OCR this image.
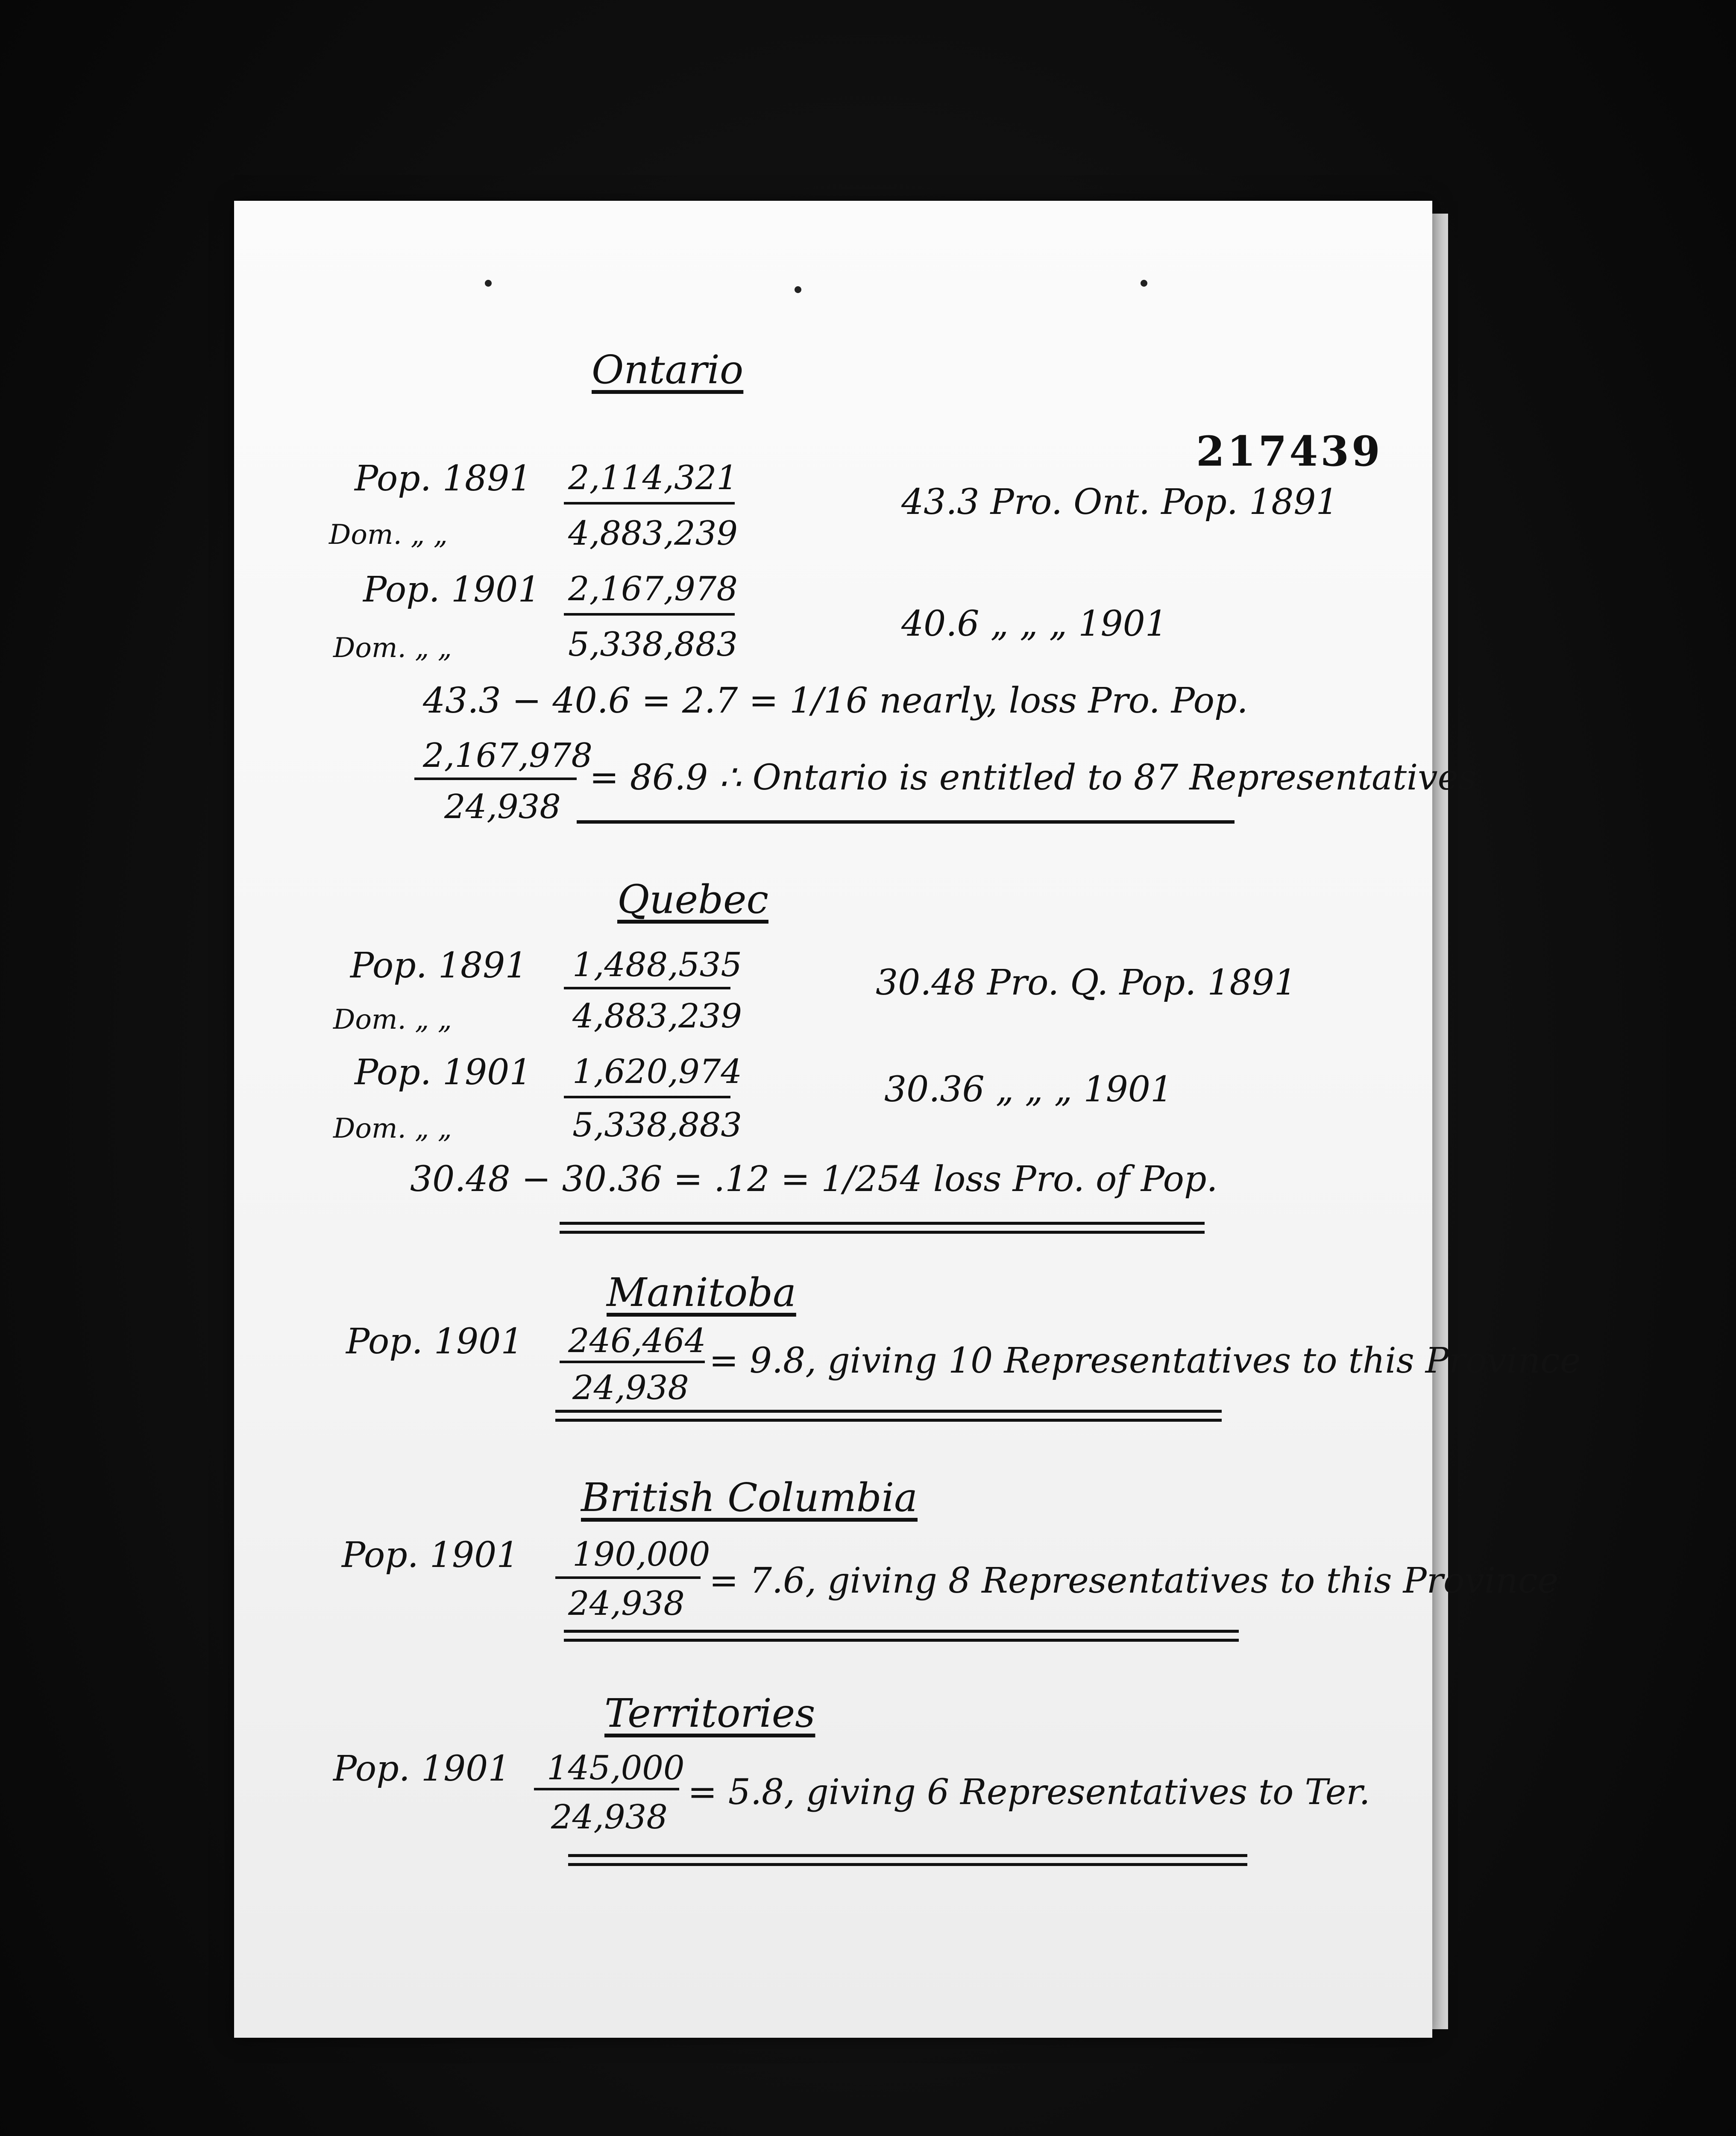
217439
Ontario
Pop. 1891 2,114,321
Dom. „ „	4,883,239
43.3 Pro. Ont. Pop. 1891
Pop. 1901 2,167,978
Dom. „ „	5,338,883
40.6 „ „ „ 1901
43.3 − 40.6 = 2.7 = 1/16 nearly, loss Pro. Pop.
2,167,978
24,938
= 86.9 ∴ Ontario is entitled to 87 Representatives
Quebec
Pop. 1891 1,488,535
Dom. „ „	4,883,239
30.48 Pro. Q. Pop. 1891
Pop. 1901 1,620,974
Dom. „ „	5,338,883
30.36 „ „ „ 1901
30.48 − 30.36 = .12 = 1/254 loss Pro. of Pop.
Manitoba
Pop. 1901 246,464
24,938
= 9.8, giving 10 Representatives to this Province
British Columbia
Pop. 1901 190,000
24,938
= 7.6, giving 8 Representatives to this Province
Territories
Pop. 1901 145,000
24,938
= 5.8, giving 6 Representatives to Ter.
